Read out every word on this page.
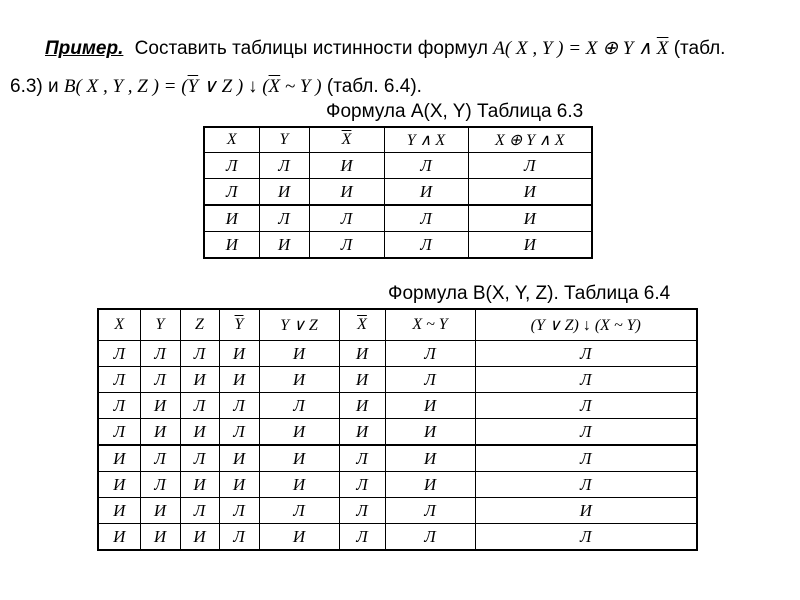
Пример. Составить таблицы истинности формул A( X , Y ) = X ⊕ Y ∧ $\overline{X}$ (табл.
6.3) и B( X , Y , Z ) = ($\overline{Y}$ ∨ Z ) ↓ ($\overline{X}$ ~ Y ) (табл. 6.4).
Формула A(X, Y) Таблица 6.3
X	Y	$\overline{X}$	Y ∧ X	X ⊕ Y ∧ X
Л	Л	И	Л	Л
Л	И	И	И	И
И	Л	Л	Л	И
И	И	Л	Л	И
Формула B(X, Y, Z). Таблица 6.4
X	Y	Z	$\overline{Y}$	Y ∨ Z	$\overline{X}$	X ~ Y	(Y ∨ Z) ↓ (X ~ Y)
Л	Л	Л	И	И	И	Л	Л
Л	Л	И	И	И	И	Л	Л
Л	И	Л	Л	Л	И	И	Л
Л	И	И	Л	И	И	И	Л
И	Л	Л	И	И	Л	И	Л
И	Л	И	И	И	Л	И	Л
И	И	Л	Л	Л	Л	Л	И
И	И	И	Л	И	Л	Л	Л
